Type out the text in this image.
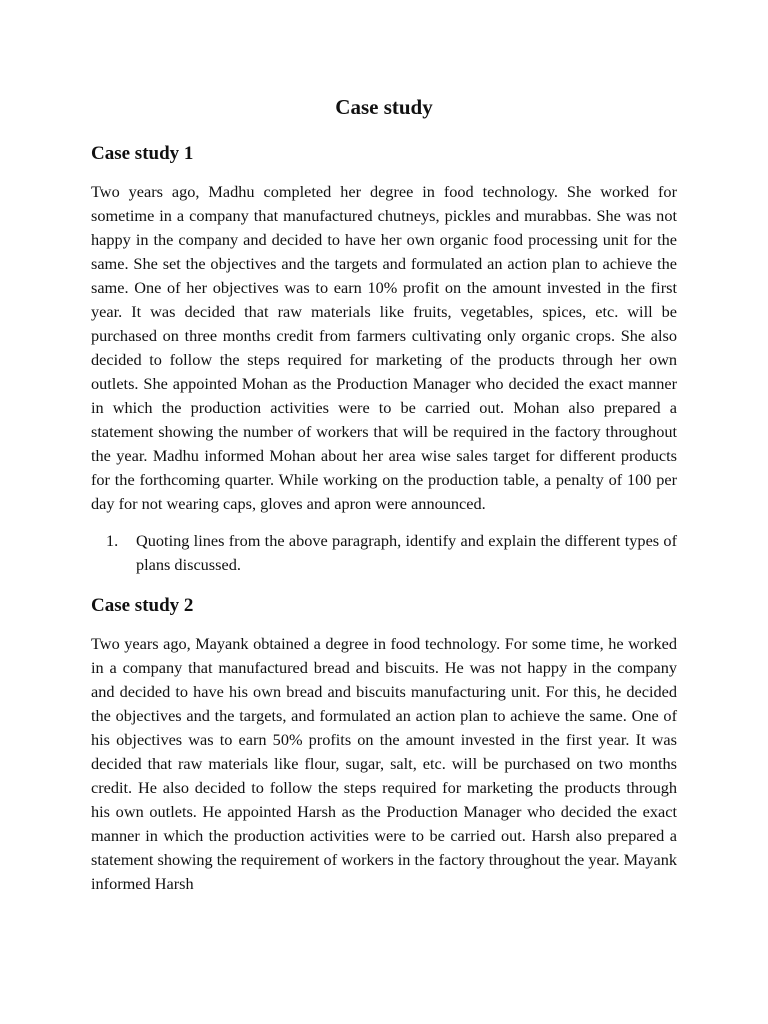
Case study
Case study 1

Two years ago, Madhu completed her degree in food technology. She worked for sometime in a company that manufactured chutneys, pickles and murabbas. She was not happy in the company and decided to have her own organic food processing unit for the same. She set the objectives and the targets and formulated an action plan to achieve the same. One of her objectives was to earn 10% profit on the amount invested in the first year. It was decided that raw materials like fruits, vegetables, spices, etc. will be purchased on three months credit from farmers cultivating only organic crops. She also decided to follow the steps required for marketing of the products through her own outlets. She appointed Mohan as the Production Manager who decided the exact manner in which the production activities were to be carried out. Mohan also prepared a statement showing the number of workers that will be required in the factory throughout the year. Madhu informed Mohan about her area wise sales target for different products for the forthcoming quarter. While working on the production table, a penalty of 100 per day for not wearing caps, gloves and apron were announced.

1.	Quoting lines from the above paragraph, identify and explain the different types of plans discussed.
Case study 2

Two years ago, Mayank obtained a degree in food technology. For some time, he worked in a company that manufactured bread and biscuits. He was not happy in the company and decided to have his own bread and biscuits manufacturing unit. For this, he decided the objectives and the targets, and formulated an action plan to achieve the same. One of his objectives was to earn 50% profits on the amount invested in the first year. It was decided that raw materials like flour, sugar, salt, etc. will be purchased on two months credit. He also decided to follow the steps required for marketing the products through his own outlets. He appointed Harsh as the Production Manager who decided the exact manner in which the production activities were to be carried out. Harsh also prepared a statement showing the requirement of workers in the factory throughout the year. Mayank informed Harsh
